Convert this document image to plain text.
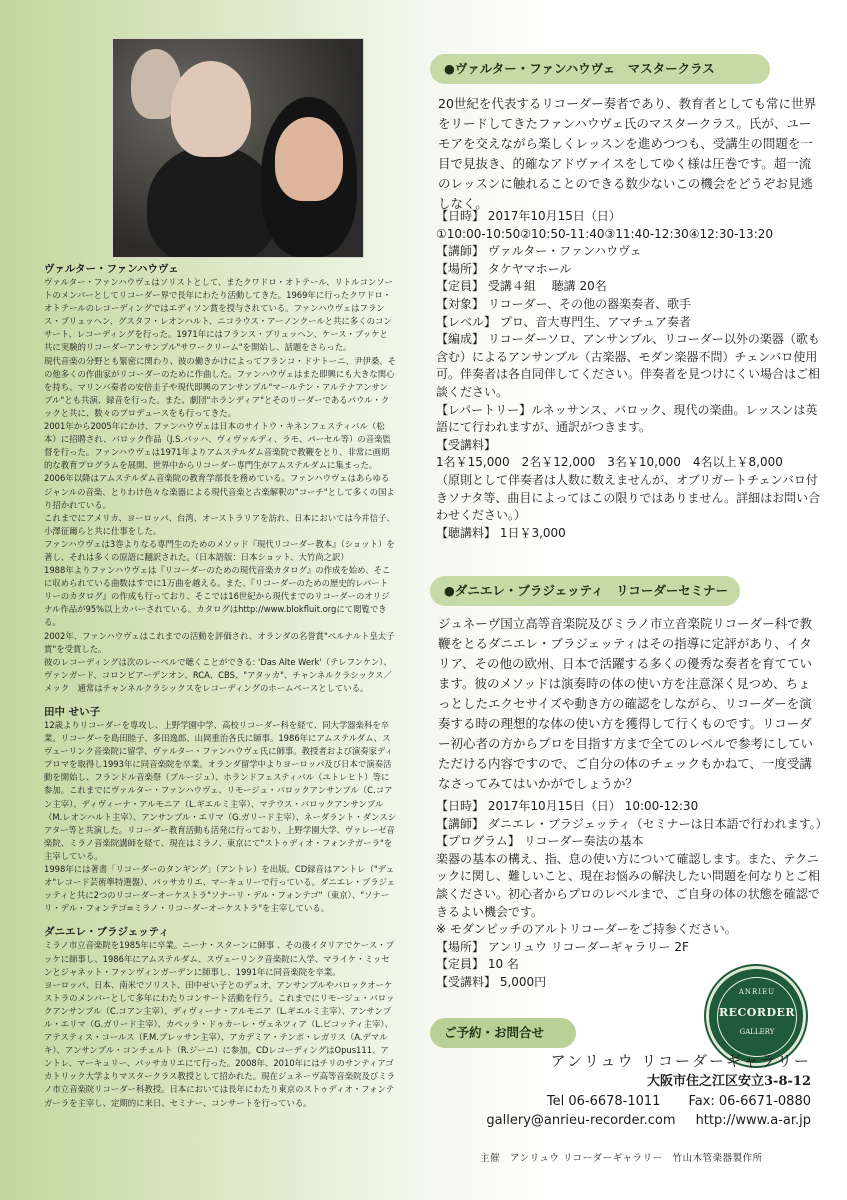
ヴァルター・ファンハウヴェ

ヴァルター・ファンハウヴェはソリストとして、またクワドロ・オトテール、リトルコンソートのメンバーとしてリコーダー界で長年にわたり活動してきた。1969年に行ったクワドロ・オトテールのレコーディングではエディソン賞を授与されている。ファンハウヴェはフランス・ブリュッヘン、グスタフ・レオンハルト、ニコラウス・アーノンクールと共に多くのコンサート、レコーディングを行った。1971年にはフランス・ブリュッヘン、ケース・ブッケと共に実験的リコーダーアンサンブル"サワークリーム"を開始し、話題をさらった。

現代音楽の分野とも緊密に関わり、彼の働きかけによってフランコ・ドナトーニ、尹伊桑、その他多くの作曲家がリコーダーのために作曲した。ファンハウヴェはまた即興にも大きな関心を持ち、マリンバ奏者の安倍圭子や現代即興のアンサンブル"マールテン・アルテナアンサンブル"とも共演、録音を行った。また、劇団"ホランディア"とそのリーダーであるパウル・クックと共に、数々のプロデュースをも行ってきた。

2001年から2005年にかけ、ファンハウヴェは日本のサイトウ・キネンフェスティバル（松本）に招聘され、バロック作品（J.S.バッハ、ヴィヴァルディ、ラモ、パーセル等）の音楽監督を行った。ファンハウヴェは1971年よりアムステルダム音楽院で教鞭をとり、非常に画期的な教育プログラムを展開、世界中からリコーダー専門生がアムステルダムに集まった。2006年以降はアムステルダム音楽院の教育学部長を務めている。ファンハウヴェはあらゆるジャンルの音楽、とりわけ色々な楽器による現代音楽と古楽解釈の"コーチ"として多くの国より招かれている。

これまでにアメリカ、ヨーロッパ、台湾、オーストラリアを訪れ、日本においては今井信子、小澤征爾らと共に仕事をした。

ファンハウヴェは3巻よりなる専門生のためのメソッド『現代リコーダー教本』（ショット）を著し、それは多くの原語に翻訳された。（日本語版：日本ショット、大竹尚之訳）

1988年よりファンハウヴェは『リコーダーのための現代音楽カタログ』の作成を始め、そこに収められている曲数はすでに1万曲を越える。また、『リコーダーのための歴史的レパートリーのカタログ』の作成も行っており、そこでは16世紀から現代までのリコーダーのオリジナル作品が95%以上カバーされている。カタログはhttp://www.blokfluit.orgにて閲覧できる。

2002年、ファンハウヴェはこれまでの活動を評価され、オランダの名誉賞"ペルナルト皇太子賞"を受賞した。

彼のレコーディングは次のレーベルで聴くことができる: 'Das Alte Werk'（テレフンケン）、ヴァンガード、コロンビアーデンオン、RCA、CBS、"アタッカ"、チャンネルクラシックス／メック　通常はチャンネルクラシックスをレコーディングのホームベースとしている。

田中 せい子

12歳よりリコーダーを専攻し、上野学園中学、高校リコーダー科を経て、同大学器楽科を卒業。リコーダーを島田睦子、多田逸郎、山岡重治各氏に師事。1986年にアムステルダム、スヴェーリンク音楽院に留学、ヴァルター・ファンハウヴェ氏に師事。教授者および演奏家ディプロマを取得し1993年に同音楽院を卒業。オランダ留学中よりヨーロッパ及び日本で演奏活動を開始し、フランドル音楽祭（ブルージュ）、ホランドフェスティバル（ユトレヒト）等に参加。これまでにヴァルター・ファンハウヴェ、リモージュ・バロックアンサンブル（C.コアン主宰）、ディヴィーナ・アルモニア（L.ギエルミ主宰）、マテウス・バロックアンサンブル（M.レオンハルト主宰）、アンサンブル・エリマ（G.ガリード主宰）、ネーダラント・ダンスシアター等と共演した。リコーダー教育活動も活発に行っており、上野学園大学、ヴァレーゼ音楽院、ミラノ音楽院講師を経て、現在はミラノ、東京にて"ストゥディオ・フォンテガーラ"を主宰している。

1998年には著書「リコーダーのタンギング」（アントレ）を出版。CD録音はアントレ（"デュオ"レコード芸術準特選盤）、パッサカリエ、マーキュリーで行っている。ダニエレ・ブラジェッティと共に2つのリコーダーオーケストラ"ソナーリ・デル・フォンテゴ"（東京）、"ソナーリ・デル・フォンテゴ=ミラノ・リコーダーオーケストラ"を主宰している。

ダニエレ・ブラジェッティ

ミラノ市立音楽院を1985年に卒業。ニーナ・スターンに師事 、その後イタリアでケース・ブッケに師事し、1986年にアムステルダム、スヴェーリンク音楽院に入学、マライケ・ミッセンとジャネット・ファンヴィンガーデンに師事し、1991年に同音楽院を卒業。

ヨーロッパ、日本、南米でソリスト、田中せい子とのデュオ、アンサンブルやバロックオーケストラのメンバーとして多年にわたりコンサート活動を行う。これまでにリモージュ・バロックアンサンブル（C.コアン主宰）、ディヴィーナ・アルモニア（L.ギエルミ主宰）、アンサンブル・エリマ（G.ガリード主宰）、カペッラ・ドゥカーレ・ヴェネツィア（L.ピコッティ主宰）、アテスティス・コールス（F.M.ブレッサン主宰）、アカデミア・テンポ・レガリス（A.デマルキ）、アンサンブル・コンチェルト（R.ジーニ）に参加。CDレコーディングはOpus111、アントレ、マーキュリー、パッサカリエにて行った。2008年、2010年にはチリのサンティアゴカトリック大学よりマスタークラス教授として招かれた。現在ジュネーヴ高等音楽院及びミラノ市立音楽院リコーダー科教授。日本においては長年にわたり東京のストゥディオ・フォンテガーラを主宰し、定期的に来日、セミナー、コンサートを行っている。

●ヴァルター・ファンハウヴェ　マスタークラス

20世紀を代表するリコーダー奏者であり、教育者としても常に世界をリードしてきたファンハウヴェ氏のマスタークラス。氏が、ユーモアを交えながら楽しくレッスンを進めつつも、受講生の問題を一目で見抜き、的確なアドヴァイスをしてゆく様は圧巻です。超一流のレッスンに触れることのできる数少ないこの機会をどうぞお見逃しなく。

【日時】 2017年10月15日（日）

①10:00-10:50②10:50-11:40③11:40-12:30④12:30-13:20

【講師】 ヴァルター・ファンハウヴェ

【場所】 タケヤマホール

【定員】 受講４組　 聴講 20名

【対象】 リコーダー、その他の器楽奏者、歌手

【レベル】 プロ、音大専門生、アマチュア奏者

【編成】 リコーダーソロ、アンサンブル、リコーダー以外の楽器（歌も含む）によるアンサンブル（古楽器、モダン楽器不問）チェンバロ使用可。伴奏者は各自同伴してください。伴奏者を見つけにくい場合はご相談ください。

【レパートリー】ルネッサンス、バロック、現代の楽曲。レッスンは英語にて行われますが、通訳がつきます。

【受講料】

1名￥15,000　2名￥12,000　3名￥10,000　4名以上￥8,000

（原則として伴奏者は人数に数えませんが、オブリガートチェンバロ付きソナタ等、曲目によってはこの限りではありません。詳細はお問い合わせください。）

【聴講料】 1日￥3,000

●ダニエレ・ブラジェッティ　リコーダーセミナー

ジュネーヴ国立高等音楽院及びミラノ市立音楽院リコーダー科で教鞭をとるダニエレ・ブラジェッティはその指導に定評があり、イタリア、その他の欧州、日本で活躍する多くの優秀な奏者を育てています。彼のメソッドは演奏時の体の使い方を注意深く見つめ、ちょっとしたエクセサイズや動き方の確認をしながら、リコーダーを演奏する時の理想的な体の使い方を獲得して行くものです。リコーダー初心者の方からプロを目指す方まで全てのレベルで参考にしていただける内容ですので、ご自分の体のチェックもかねて、一度受講なさってみてはいかがでしょうか？

【日時】 2017年10月15日（日） 10:00-12:30

【講師】 ダニエレ・ブラジェッティ（セミナーは日本語で行われます。）

【プログラム】 リコーダー奏法の基本

楽器の基本の構え、指、息の使い方について確認します。また、テクニックに関し、難しいこと、現在お悩みの解決したい問題を何なりとご相談ください。初心者からプロのレベルまで、ご自身の体の状態を確認できるよい機会です。

※ モダンピッチのアルトリコーダーをご持参ください。

【場所】 アンリュウ リコーダーギャラリー 2F

【定員】 10 名

【受講料】 5,000円

ANRIEU
RECORDER
GALLERY
ご予約・お問合せ
アンリュウ リコーダーギャラリー
大阪市住之江区安立3-8-12
Tel 06-6678-1011 Fax: 06-6671-0880
gallery@anrieu-recorder.com http://www.a-ar.jp
主催　アンリュウ リコーダーギャラリー　竹山木管楽器製作所
